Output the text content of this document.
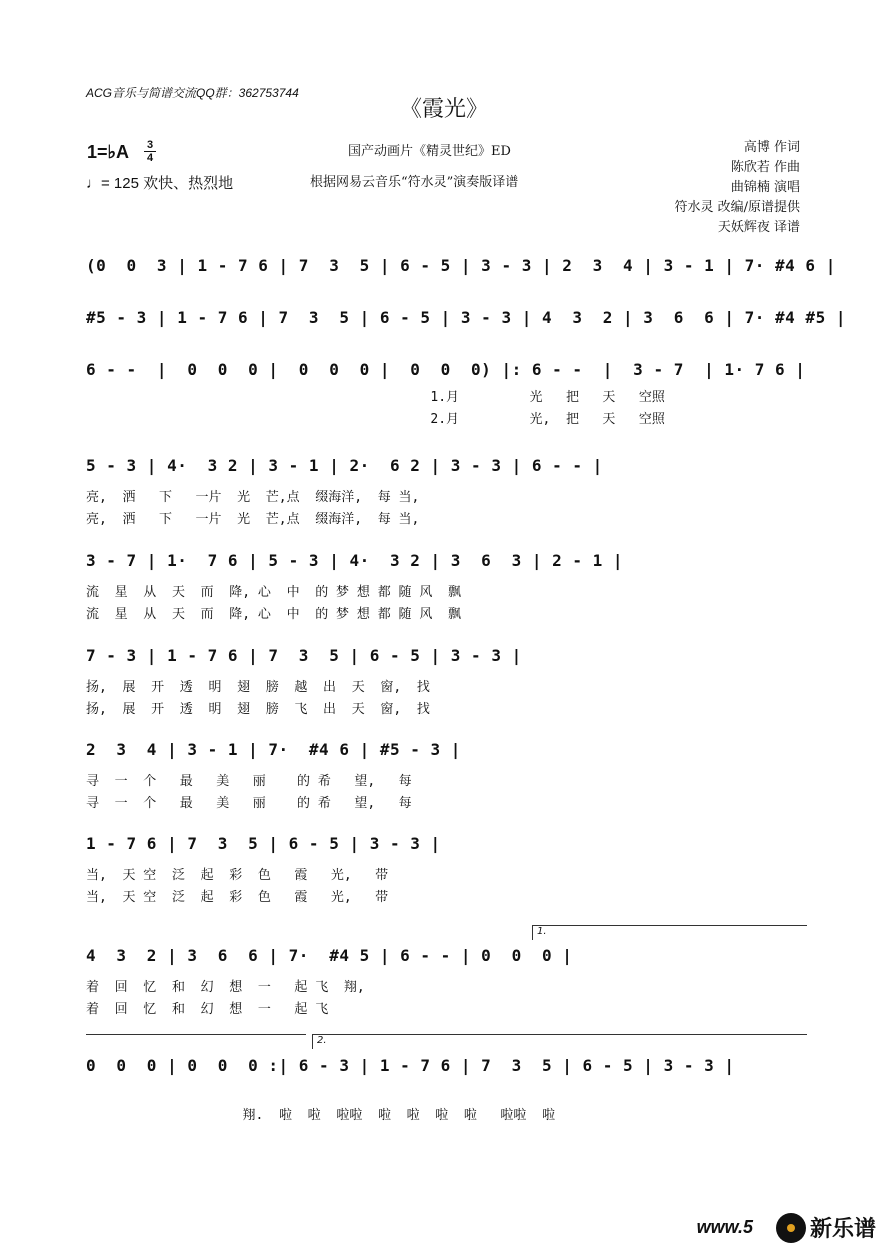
ACG音乐与简谱交流QQ群：362753744
《霞光》
1=♭A 3
4
♩= 125 欢快、热烈地
国产动画片《精灵世纪》ED
根据网易云音乐“符水灵”演奏版译谱
高博 作词
陈欣若 作曲
曲锦楠 演唱
符水灵 改编/原谱提供
天妖辉夜 译谱
(0  0  3 | 1 - 7 6 | 7  3  5 | 6 - 5 | 3 - 3 | 2  3  4 | 3 - 1 | 7· #4 6 |
#5 - 3 | 1 - 7 6 | 7  3  5 | 6 - 5 | 3 - 3 | 4  3  2 | 3  6  6 | 7· #4 #5 |
6 - -  |  0  0  0 |  0  0  0 |  0  0  0) |: 6 - -  |  3 - 7  | 1· 7 6 |
1.月         光   把   天   空照
2.月         光,  把   天   空照
5 - 3 | 4·  3 2 | 3 - 1 | 2·  6 2 | 3 - 3 | 6 - - |
亮,  洒   下   一片  光  芒,点  缀海洋,  每 当,
亮,  洒   下   一片  光  芒,点  缀海洋,  每 当,
3 - 7 | 1·  7 6 | 5 - 3 | 4·  3 2 | 3  6  3 | 2 - 1 |
流  星  从  天  而  降, 心  中  的 梦 想 都 随 风  飘
流  星  从  天  而  降, 心  中  的 梦 想 都 随 风  飘
7 - 3 | 1 - 7 6 | 7  3  5 | 6 - 5 | 3 - 3 |
扬,  展  开  透  明  翅  膀  越  出  天  窗,  找
扬,  展  开  透  明  翅  膀  飞  出  天  窗,  找
2  3  4 | 3 - 1 | 7·  #4 6 | #5 - 3 |
寻  一  个   最   美   丽    的 希   望,   每
寻  一  个   最   美   丽    的 希   望,   每
1 - 7 6 | 7  3  5 | 6 - 5 | 3 - 3 |
当,  天 空  泛  起  彩  色   霞   光,   带
当,  天 空  泛  起  彩  色   霞   光,   带
1.
4  3  2 | 3  6  6 | 7·  #4 5 | 6 - - | 0  0  0 |
着  回  忆  和  幻  想  一   起 飞  翔,
着  回  忆  和  幻  想  一   起 飞
2.
0  0  0 | 0  0  0 :| 6 - 3 | 1 - 7 6 | 7  3  5 | 6 - 5 | 3 - 3 |
翔.  啦  啦  啦啦  啦  啦  啦  啦   啦啦  啦
www.5	新乐谱
